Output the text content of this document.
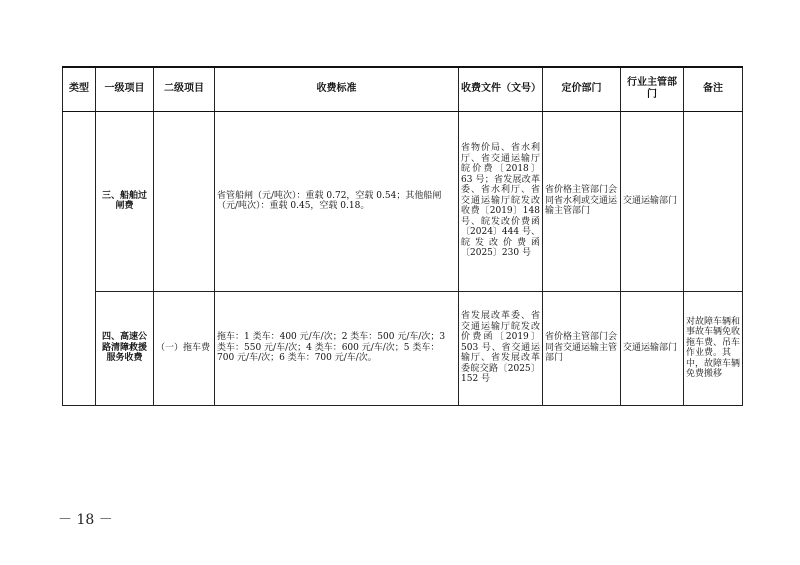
类型	一级项目	二级项目	收费标准	收费文件（文号）	定价部门	行业主管部门	备注
	三、船舶过闸费		省管船闸（元/吨次）：重载 0.72，空载 0.54；其他船闸（元/吨次）：重载 0.45，空载 0.18。	省物价局、省水利厅、省交通运输厅皖价费〔2018〕63 号；省发展改革委、省水利厅、省交通运输厅皖发改收费〔2019〕148 号、皖发改价费函〔2024〕444 号、皖发改价费函〔2025〕230 号	省价格主管部门会同省水利或交通运输主管部门	交通运输部门	
	四、高速公路清障救援服务收费	（一）拖车费	拖车：1 类车：400 元/车/次；2 类车：500 元/车/次；3 类车：550 元/车/次；4 类车：600 元/车/次；5 类车：700 元/车/次；6 类车：700 元/车/次。	省发展改革委、省交通运输厅皖发改价费函〔2019〕503 号、省交通运输厅、省发展改革委皖交路〔2025〕152 号	省价格主管部门会同省交通运输主管部门	交通运输部门	对故障车辆和事故车辆免收拖车费、吊车作业费。其中，故障车辆免费搬移
－ 18 －
